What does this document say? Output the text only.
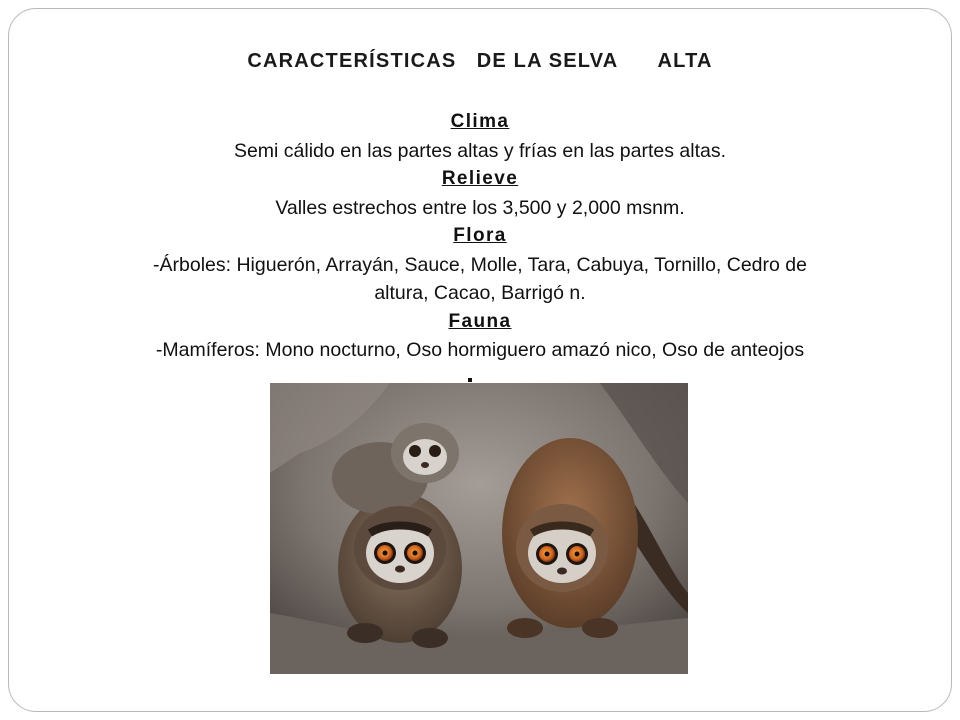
CARACTERÍSTICAS   DE LA SELVA      ALTA
Clima
Semi cálido en las partes altas y frías en las partes altas.
Relieve
Valles estrechos entre los 3,500 y 2,000 msnm.
Flora
-Árboles: Higuerón, Arrayán, Sauce, Molle, Tara, Cabuya, Tornillo, Cedro de
altura, Cacao, Barrigó n.
Fauna
-Mamíferos: Mono nocturno, Oso hormiguero amazó nico, Oso de anteojos
